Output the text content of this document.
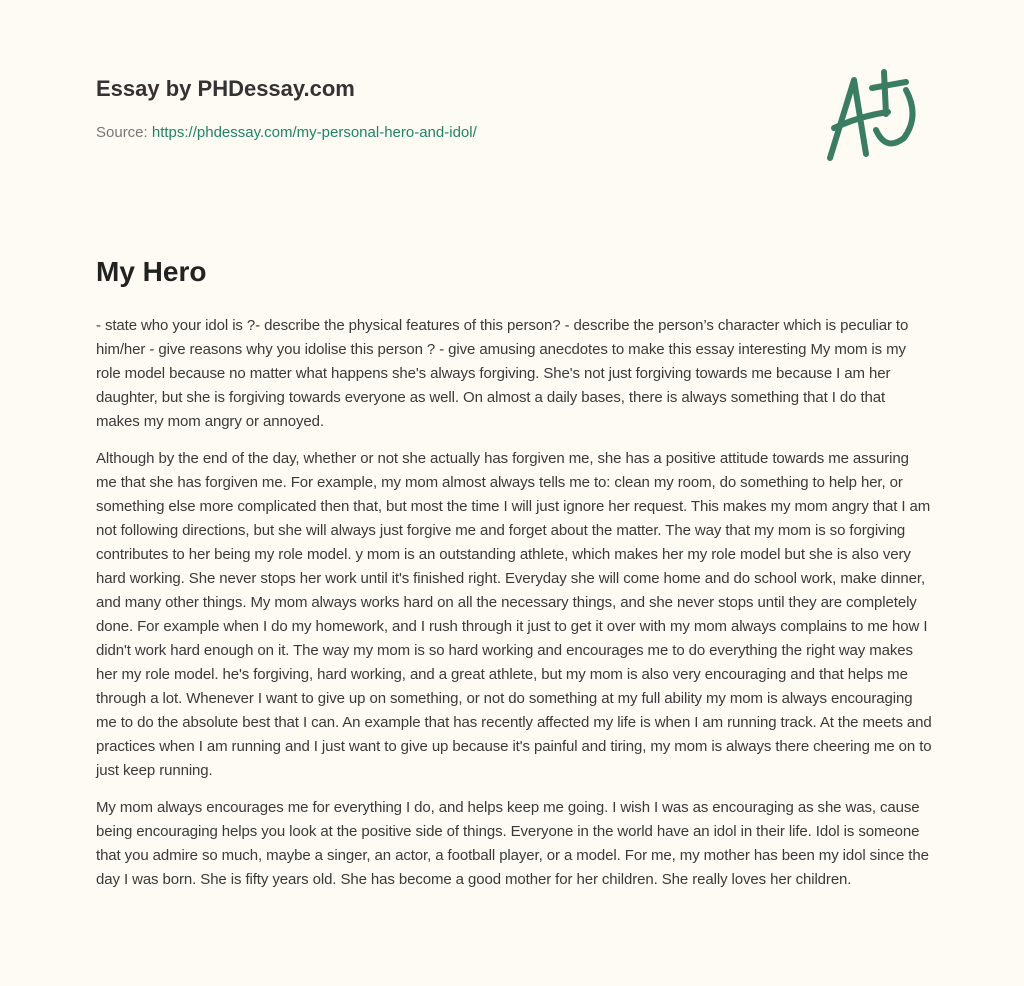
Essay by PHDessay.com
Source: https://phdessay.com/my-personal-hero-and-idol/
My Hero

- state who your idol is ?- describe the physical features of this person? - describe the person’s character which is peculiar to him/her - give reasons why you idolise this person ? - give amusing anecdotes to make this essay interesting My mom is my role model because no matter what happens she's always forgiving. She's not just forgiving towards me because I am her daughter, but she is forgiving towards everyone as well. On almost a daily bases, there is always something that I do that makes my mom angry or annoyed.

Although by the end of the day, whether or not she actually has forgiven me, she has a positive attitude towards me assuring me that she has forgiven me. For example, my mom almost always tells me to: clean my room, do something to help her, or something else more complicated then that, but most the time I will just ignore her request. This makes my mom angry that I am not following directions, but she will always just forgive me and forget about the matter. The way that my mom is so forgiving contributes to her being my role model. y mom is an outstanding athlete, which makes her my role model but she is also very hard working. She never stops her work until it's finished right. Everyday she will come home and do school work, make dinner, and many other things. My mom always works hard on all the necessary things, and she never stops until they are completely done. For example when I do my homework, and I rush through it just to get it over with my mom always complains to me how I didn't work hard enough on it. The way my mom is so hard working and encourages me to do everything the right way makes her my role model. he's forgiving, hard working, and a great athlete, but my mom is also very encouraging and that helps me through a lot. Whenever I want to give up on something, or not do something at my full ability my mom is always encouraging me to do the absolute best that I can. An example that has recently affected my life is when I am running track. At the meets and practices when I am running and I just want to give up because it's painful and tiring, my mom is always there cheering me on to just keep running.

My mom always encourages me for everything I do, and helps keep me going. I wish I was as encouraging as she was, cause being encouraging helps you look at the positive side of things. Everyone in the world have an idol in their life. Idol is someone that you admire so much, maybe a singer, an actor, a football player, or a model. For me, my mother has been my idol since the day I was born. She is fifty years old. She has become a good mother for her children. She really loves her children.
